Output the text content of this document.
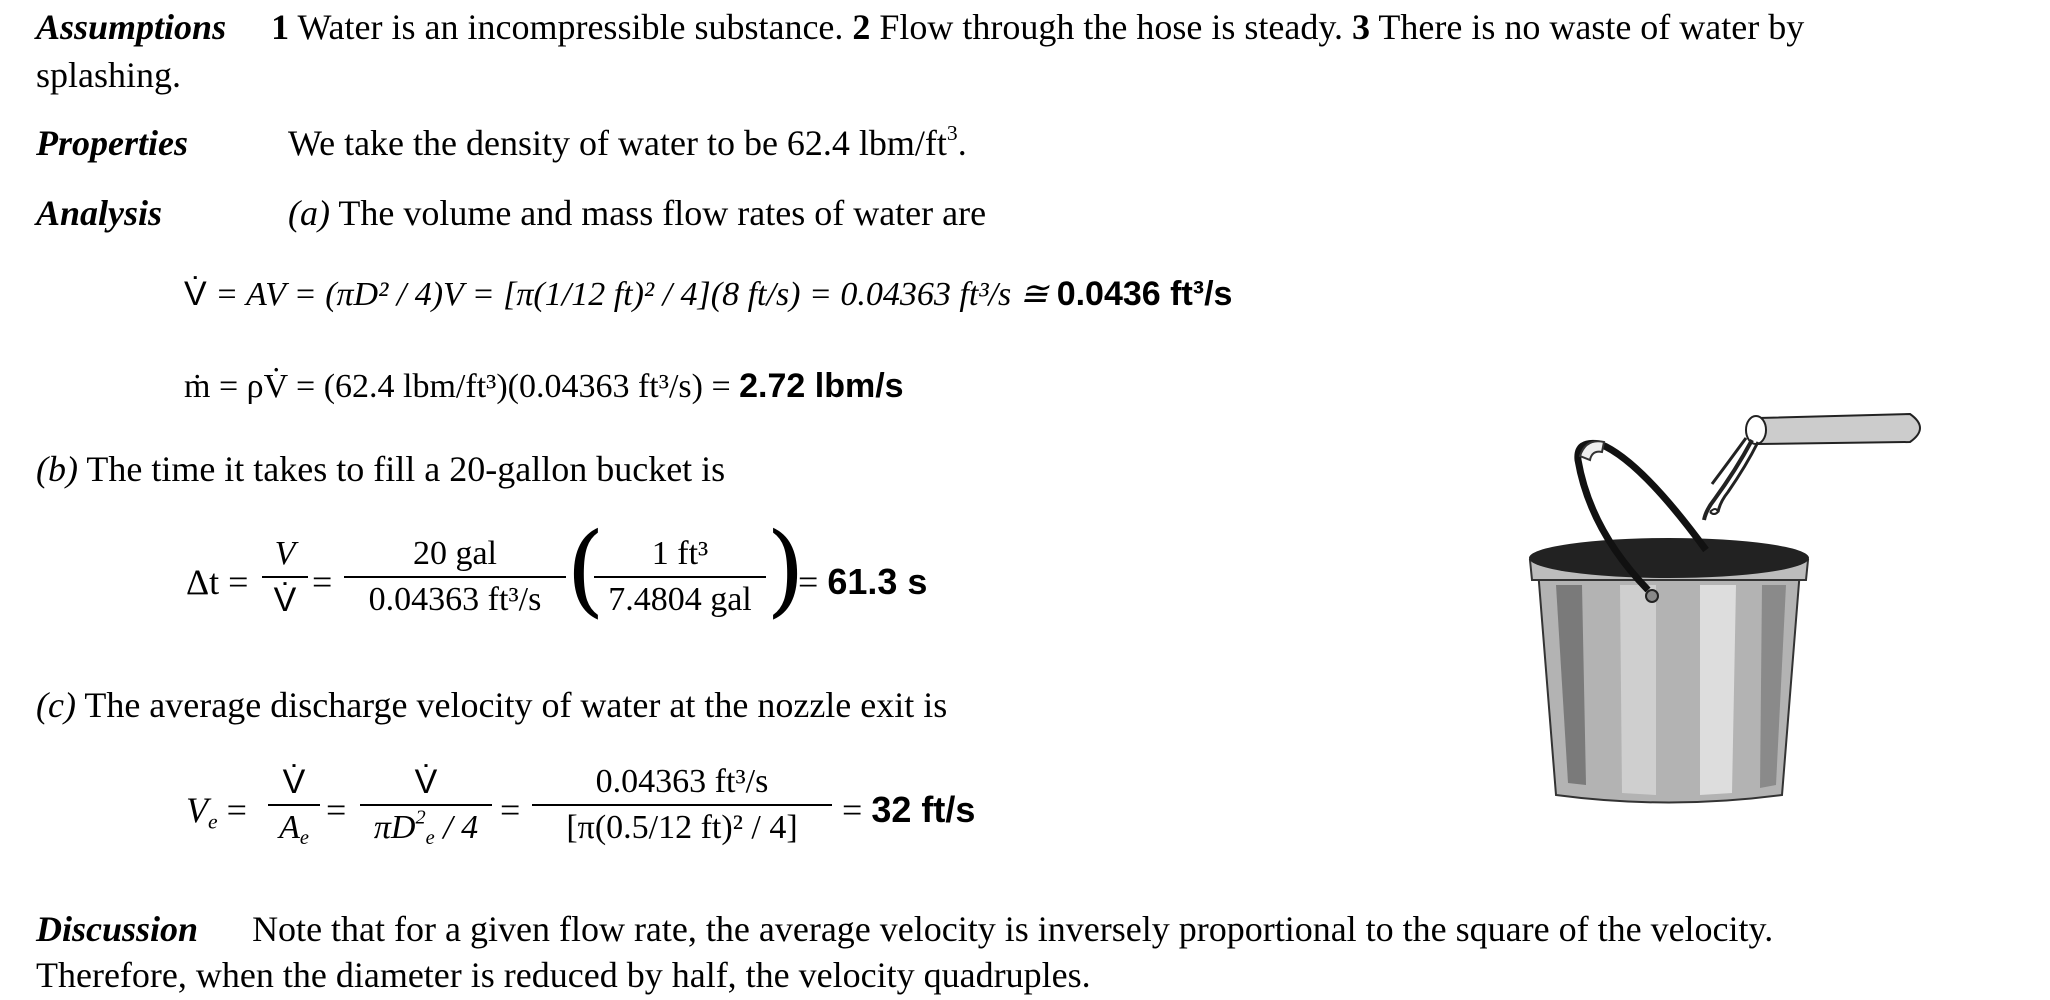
Assumptions 1 Water is an incompressible substance. 2 Flow through the hose is steady. 3 There is no waste of water by
splashing.
Properties	We take the density of water to be 62.4 lbm/$ft^3$.
Analysis	(a) The volume and mass flow rates of water are
V̇ = AV = (πD² / 4)V = [π(1/12 ft)² / 4](8 ft/s) = 0.04363 ft³/s ≅ 0.0436 ft³/s
ṁ = ρV̇ = (62.4 lbm/ft³)(0.04363 ft³/s) = 2.72 lbm/s
(b) The time it takes to fill a 20-gallon bucket is
Δt =
V
V̇ =
20 gal
0.04363 ft³/s (	1 ft³
7.4804 gal )
= 61.3 s
(c) The average discharge velocity of water at the nozzle exit is
$V_e$ =
V̇
$A_e$
=
V̇
$\pi D^2_e / 4$ =
0.04363 ft³/s
[π(0.5/12 ft)² / 4]	= 32 ft/s
Discussion Note that for a given flow rate, the average velocity is inversely proportional to the square of the velocity.
Therefore, when the diameter is reduced by half, the velocity quadruples.
